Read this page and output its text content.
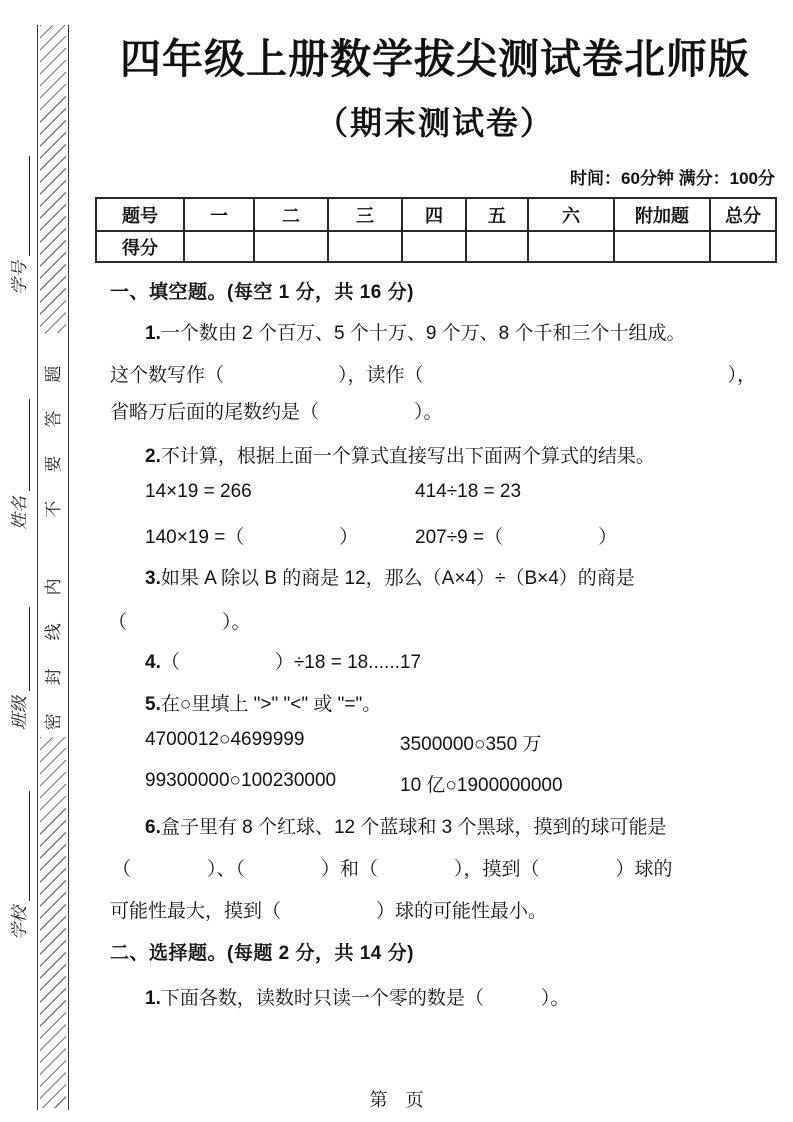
密封线内 不要答题
学号
姓名
班级
学校
四年级上册数学拔尖测试卷北师版
（期末测试卷）
时间：60分钟 满分：100分
题号	一	二	三	四	五	六	附加题	总分
得分								
一、填空题。(每空 1 分，共 16 分)
1.一个数由 2 个百万、5 个十万、9 个万、8 个千和三个十组成。
这个数写作（　　　　　　），读作（　　　　　　　　　　　　　　　　），
省略万后面的尾数约是（　　　　　）。
2.不计算，根据上面一个算式直接写出下面两个算式的结果。
14×19 = 266	414÷18 = 23
140×19 =（　　　　　）	207÷9 =（　　　　　）
3.如果 A 除以 B 的商是 12，那么（A×4）÷（B×4）的商是
（　　　　　）。
4.（　　　　　）÷18 = 18......17
5.在○里填上 ">" "<" 或 "="。
4700012○4699999	3500000○350 万
99300000○100230000	10 亿○1900000000
6.盒子里有 8 个红球、12 个蓝球和 3 个黑球，摸到的球可能是
（　　　　）、（　　　　）和（　　　　），摸到（　　　　）球的
可能性最大，摸到（　　　　　）球的可能性最小。
二、选择题。(每题 2 分，共 14 分)
1.下面各数，读数时只读一个零的数是（　　　）。
第　页
